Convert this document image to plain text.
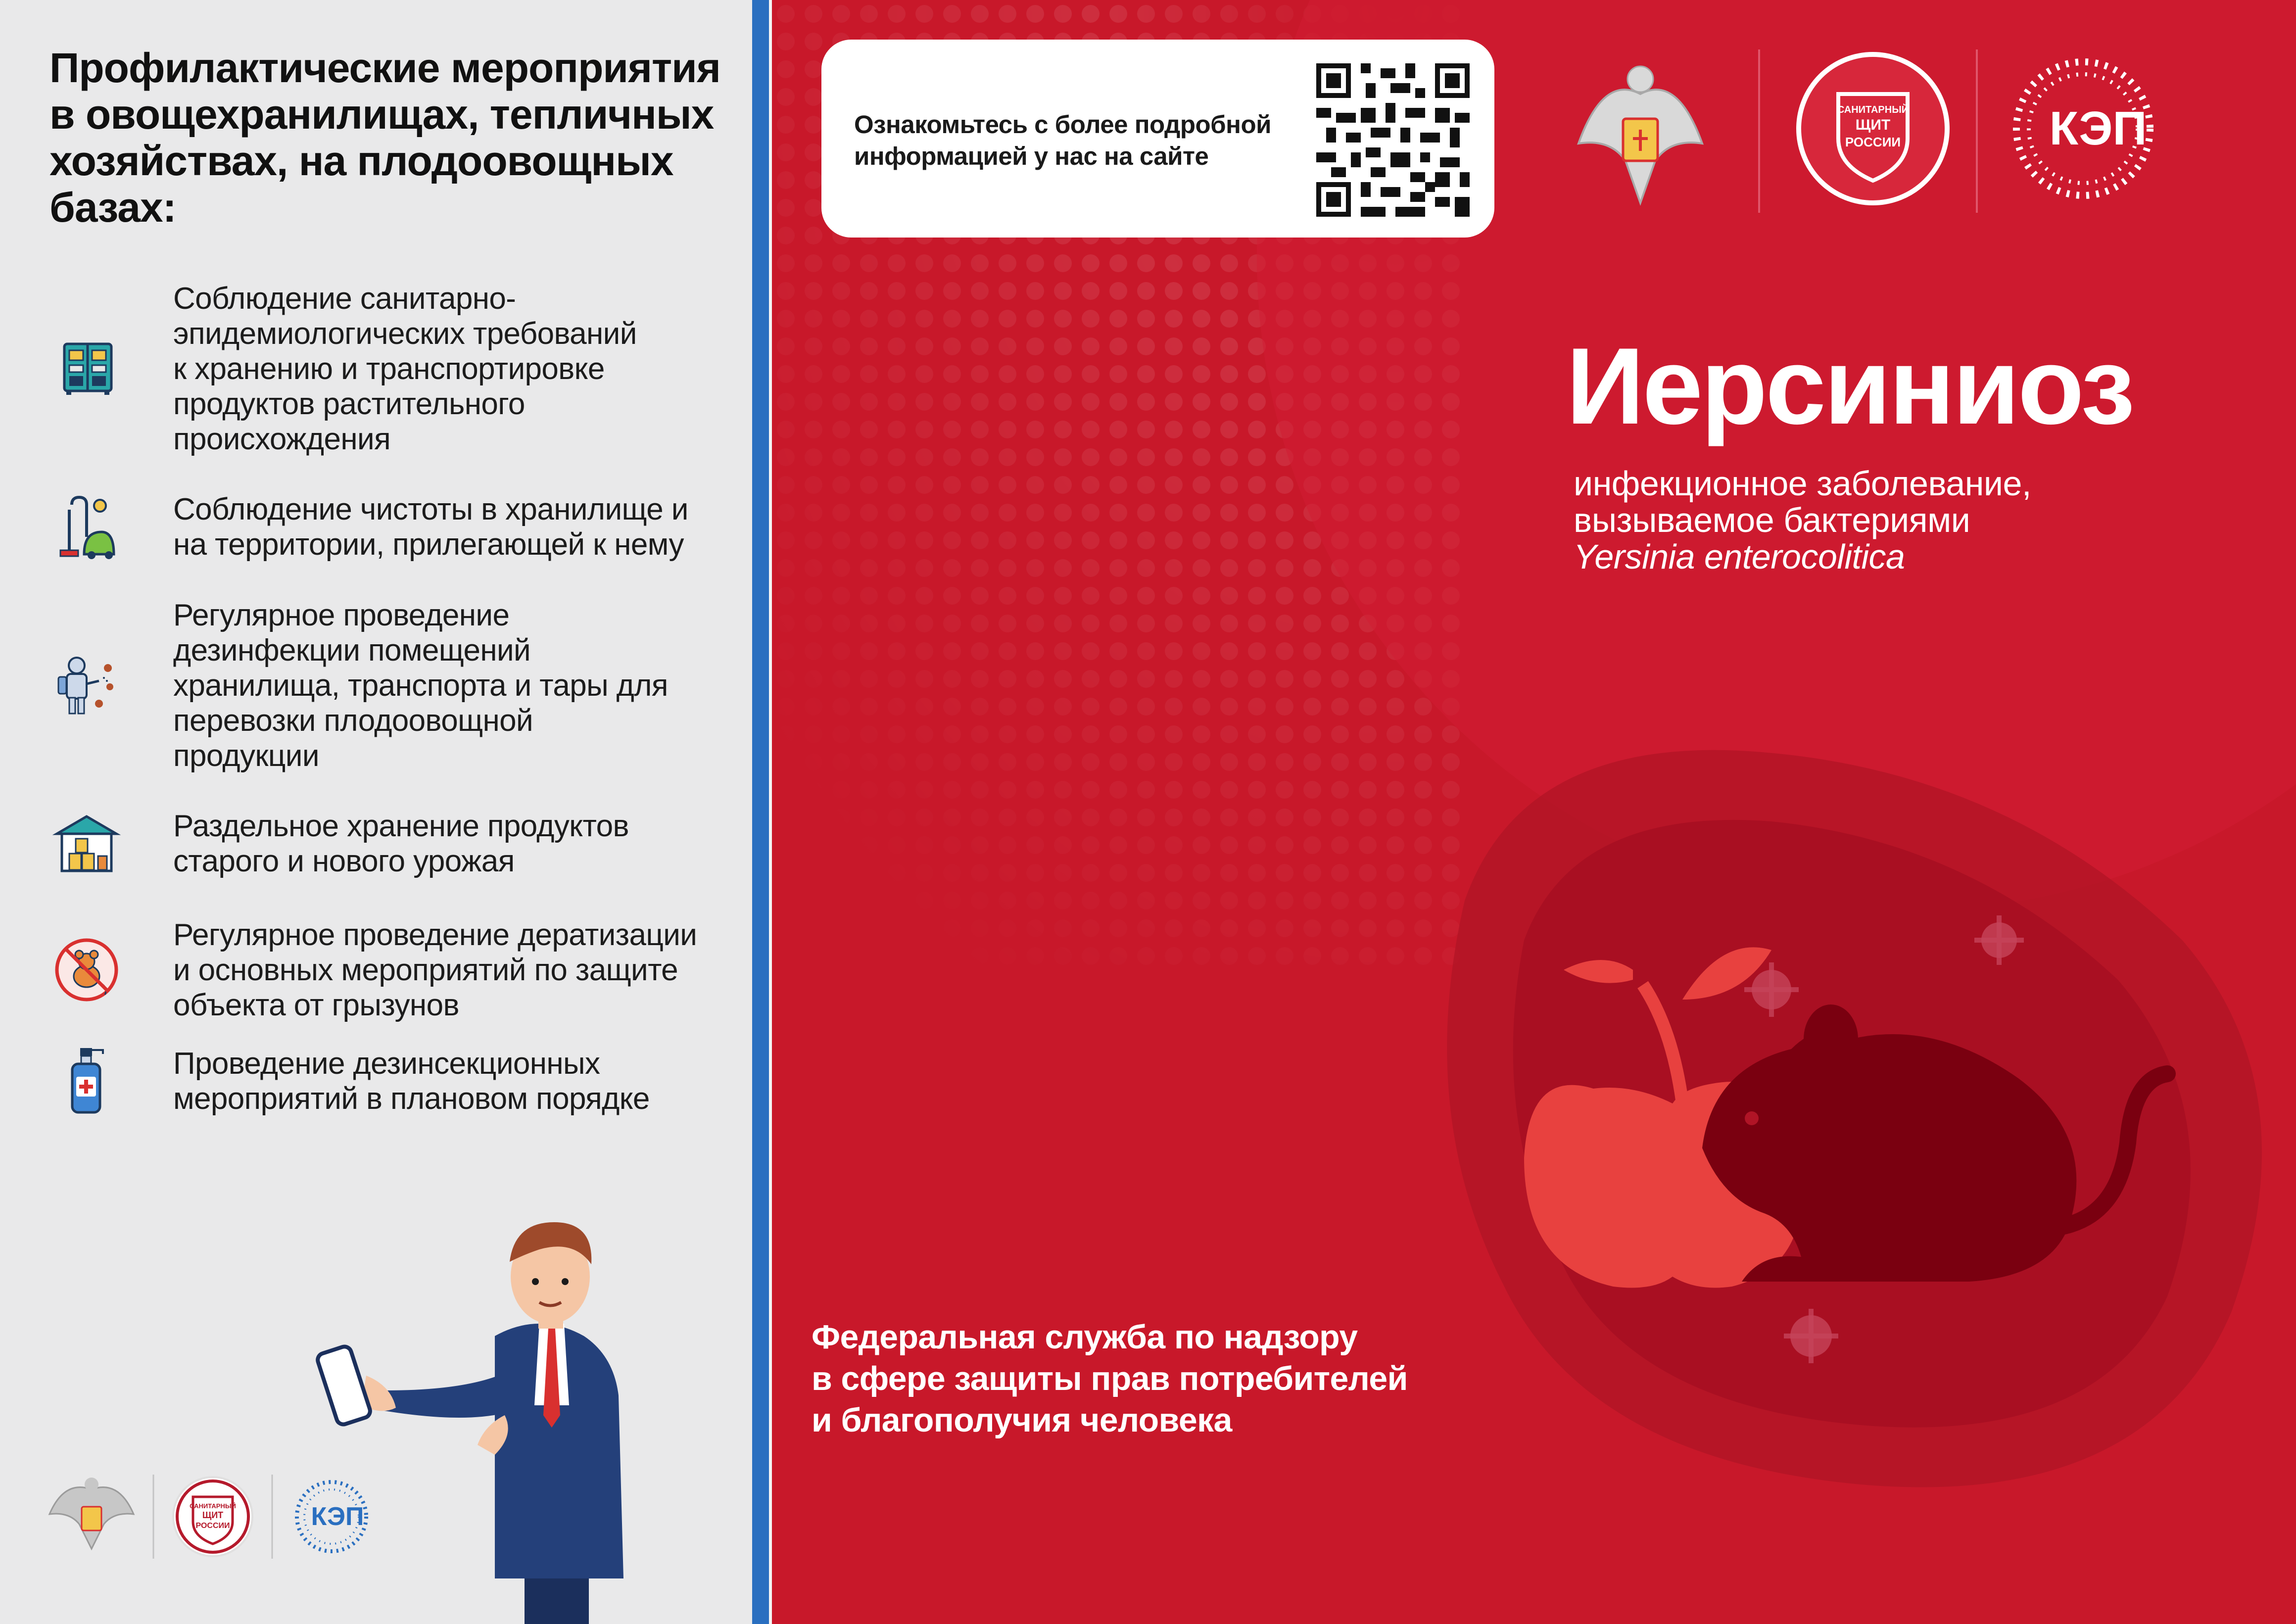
Профилактические мероприятия в овощехранилищах, тепличных хозяйствах, на плодоовощных базах:
Соблюдение санитарно-
эпидемиологических требований
к хранению и транспортировке
продуктов растительного
происхождения
Соблюдение чистоты в хранилище и
на территории, прилегающей к нему
Регулярное проведение
дезинфекции помещений
хранилища, транспорта и тары для
перевозки плодоовощной
продукции
Раздельное хранение продуктов
старого и нового урожая
Регулярное проведение дератизации
и основных мероприятий по защите
объекта от грызунов
Проведение дезинсекционных
мероприятий в плановом порядке
САНИТАРНЫЙ
ЩИТ
РОССИИ	КЭП
Ознакомьтесь с более подробной
информацией у нас на сайте
САНИТАРНЫЙ
ЩИТ
РОССИИ	КЭП
Иерсиниоз
инфекционное заболевание,
вызываемое бактериями
Yersinia enterocolitica
Федеральная служба по надзору
в сфере защиты прав потребителей
и благополучия человека
